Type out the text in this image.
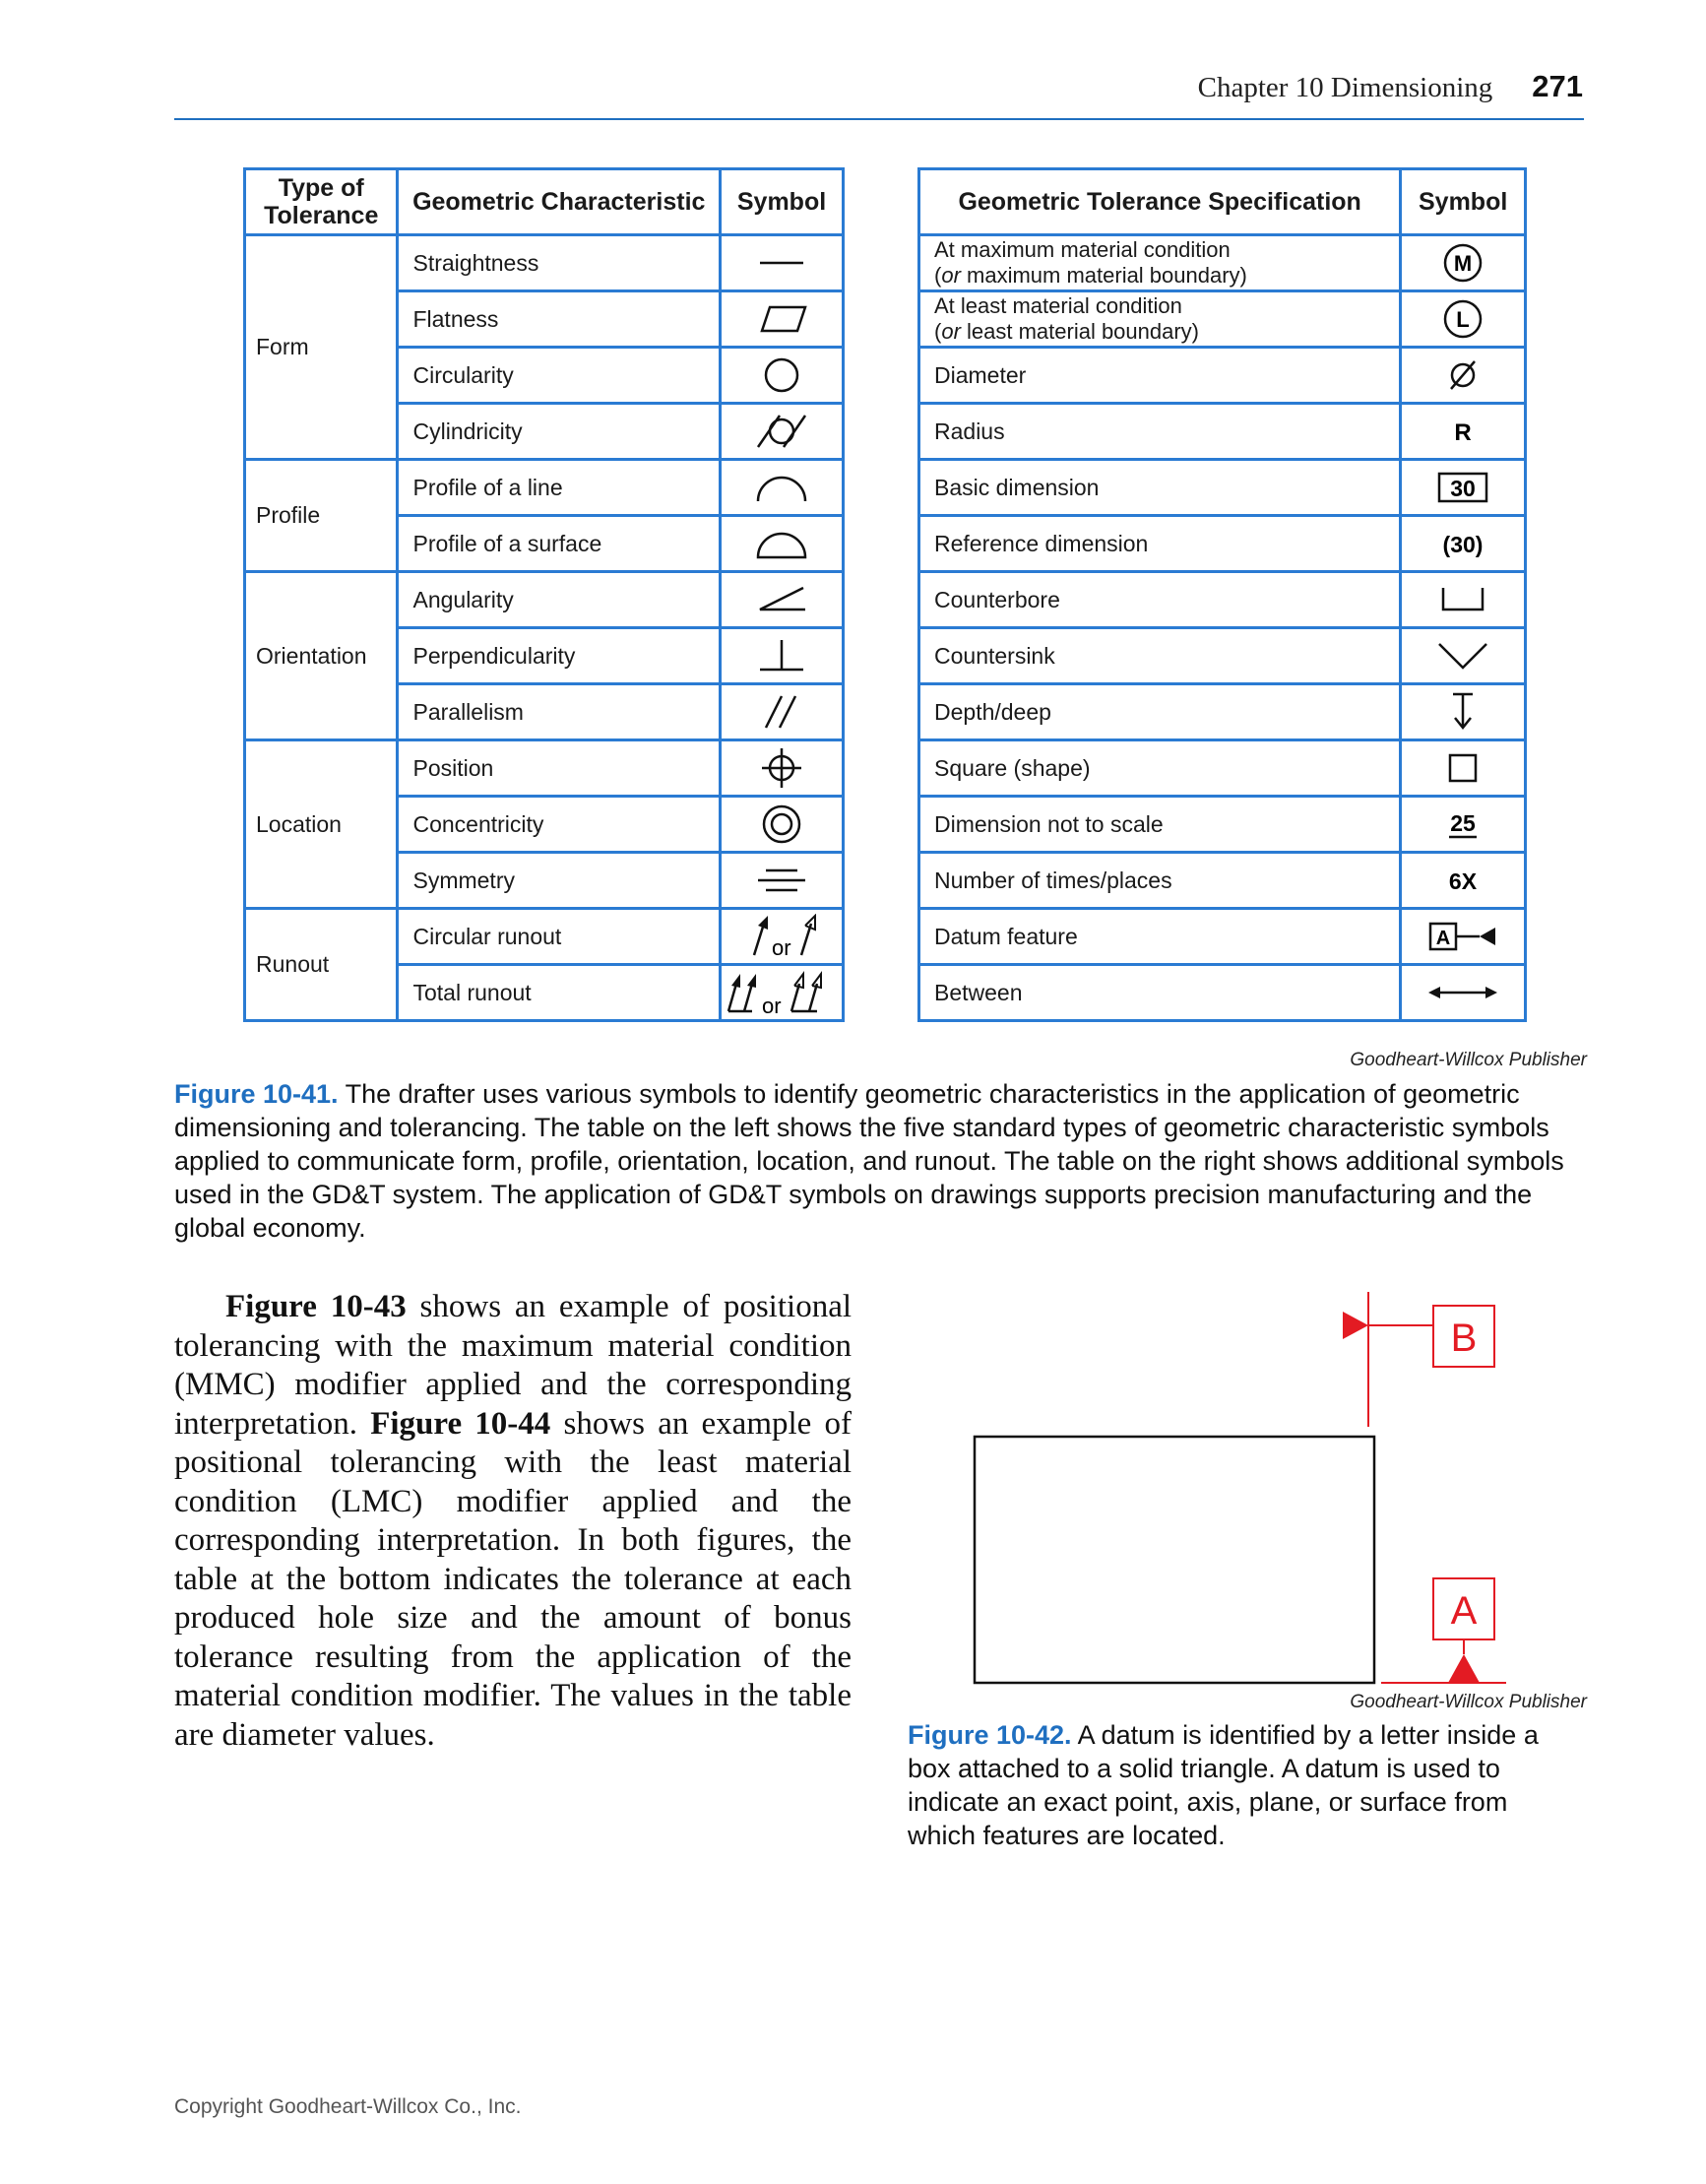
Chapter 10 Dimensioning 271
Type of Tolerance	Geometric Characteristic	Symbol
Form	Straightness	

	Flatness	

	Circularity	

	Cylindricity	

Profile	Profile of a line	

	Profile of a surface	

Orientation	Angularity	

	Perpendicularity	

	Parallelism	

Location	Position	

	Concentricity	

	Symmetry	

Runout	Circular runout	or

	Total runout	or
Geometric Tolerance Specification	Symbol
At maximum material condition
(or maximum material boundary)	M

At least material condition
(or least material boundary)	L

Diameter	

Radius	R

Basic dimension	30

Reference dimension	(30)

Counterbore	

Countersink	

Depth/deep	

Square (shape)	

Dimension not to scale	25

Number of times/places	6X

Datum feature	A

Between	
Goodheart-Willcox Publisher
Figure 10-41. The drafter uses various symbols to identify geometric characteristics in the application of geometric dimensioning and tolerancing. The table on the left shows the five standard types of geometric characteristic symbols applied to communicate form, profile, orientation, location, and runout. The table on the right shows additional symbols used in the GD&T system. The application of GD&T symbols on drawings supports precision manufacturing and the global economy.
Figure 10-43 shows an example of positional tolerancing with the maximum material condition (MMC) modifier applied and the corresponding interpretation. Figure 10-44 shows an example of positional tolerancing with the least material condition (LMC) modifier applied and the corresponding interpretation. In both figures, the table at the bottom indicates the tolerance at each produced hole size and the amount of bonus tolerance resulting from the application of the material condition modifier. The values in the table are diameter values.
B
A
Goodheart-Willcox Publisher
Figure 10-42. A datum is identified by a letter inside a box attached to a solid triangle. A datum is used to indicate an exact point, axis, plane, or surface from which features are located.
Copyright Goodheart-Willcox Co., Inc.
